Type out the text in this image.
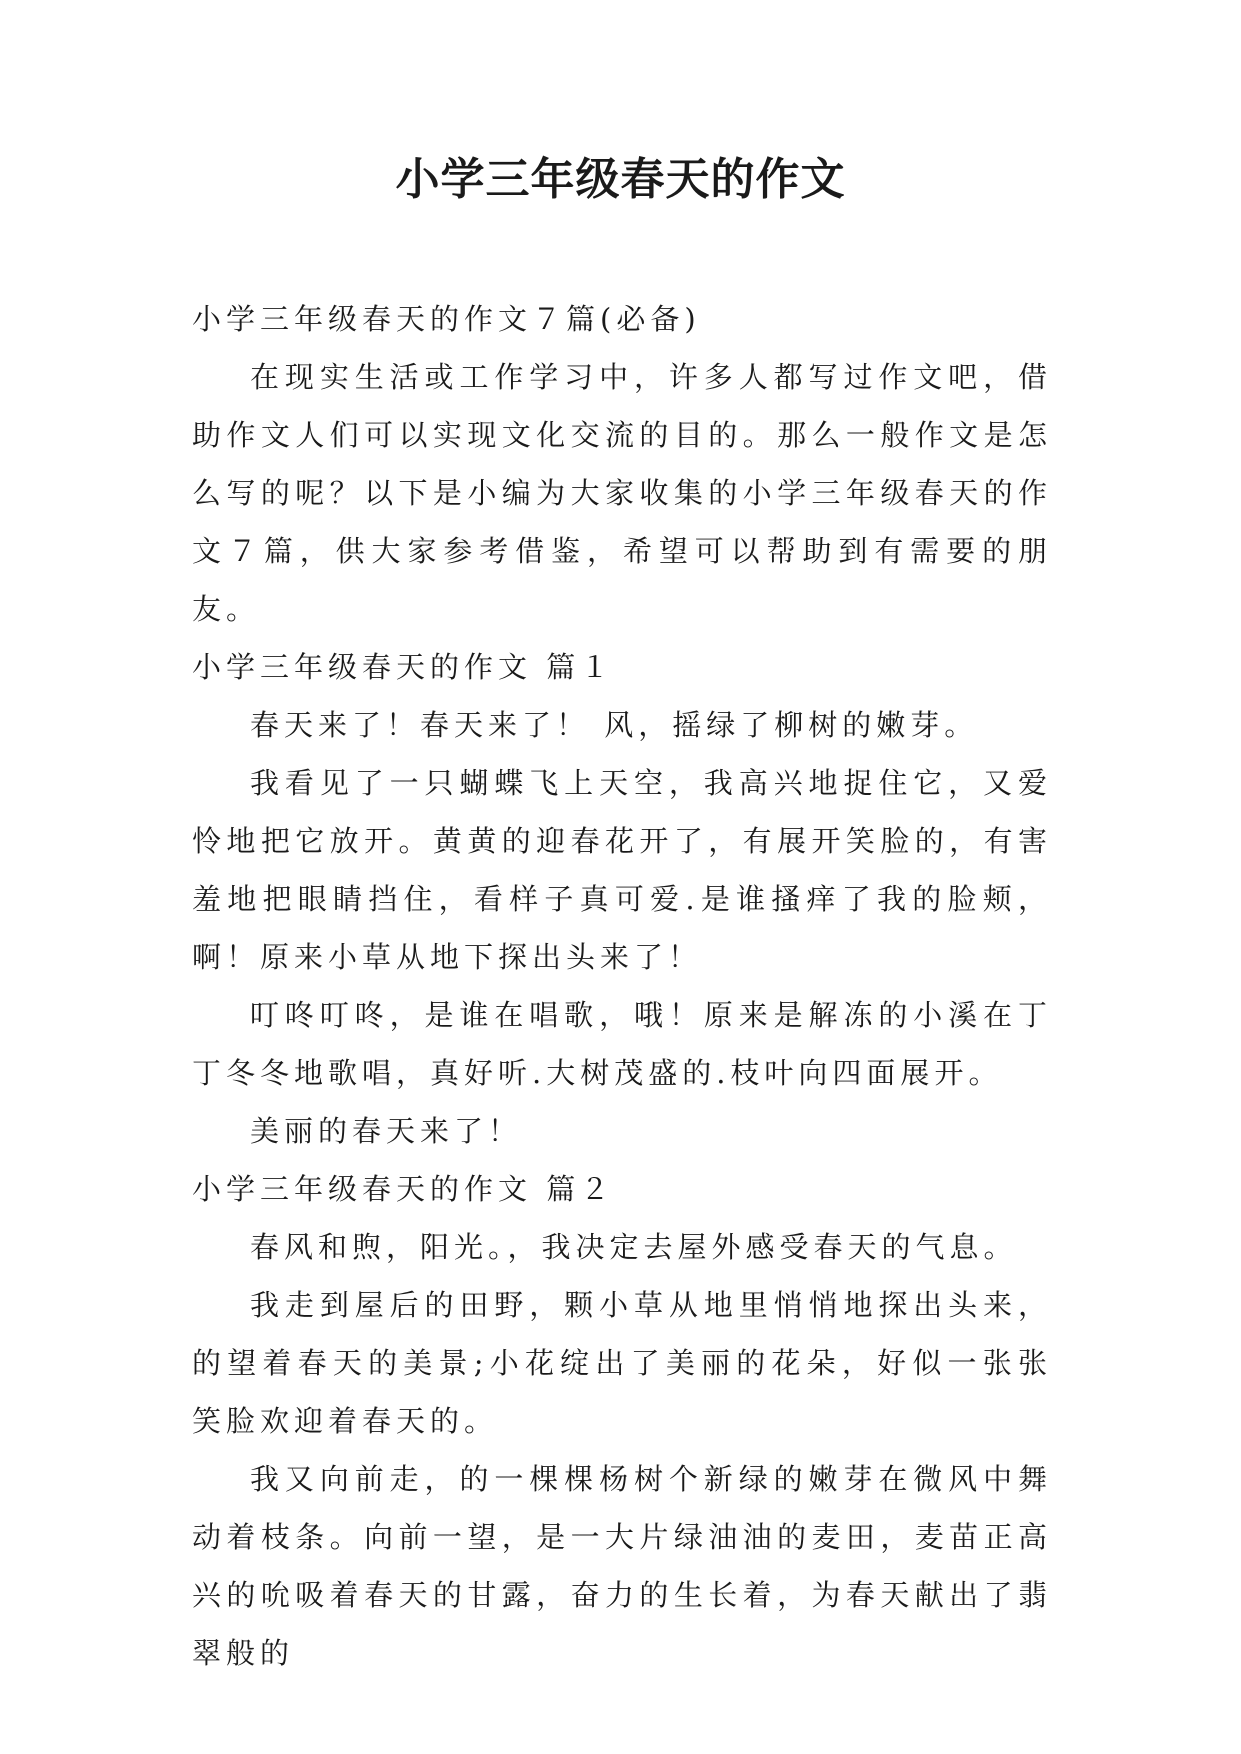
小学三年级春天的作文

小学三年级春天的作文７篇(必备)

在现实生活或工作学习中，许多人都写过作文吧，借助作文人们可以实现文化交流的目的。那么一般作文是怎么写的呢？以下是小编为大家收集的小学三年级春天的作文７篇，供大家参考借鉴，希望可以帮助到有需要的朋友。

小学三年级春天的作文 篇１

春天来了！春天来了！ 风，摇绿了柳树的嫩芽。

我看见了一只蝴蝶飞上天空，我高兴地捉住它，又爱怜地把它放开。黄黄的迎春花开了，有展开笑脸的，有害羞地把眼睛挡住，看样子真可爱.是谁搔痒了我的脸颊，啊！原来小草从地下探出头来了！

叮咚叮咚，是谁在唱歌，哦！原来是解冻的小溪在丁丁冬冬地歌唱，真好听.大树茂盛的.枝叶向四面展开。

美丽的春天来了！

小学三年级春天的作文 篇２

春风和煦，阳光。，我决定去屋外感受春天的气息。

我走到屋后的田野，颗小草从地里悄悄地探出头来，的望着春天的美景;小花绽出了美丽的花朵，好似一张张笑脸欢迎着春天的。

我又向前走，的一棵棵杨树个新绿的嫩芽在微风中舞动着枝条。向前一望，是一大片绿油油的麦田，麦苗正高兴的吮吸着春天的甘露，奋力的生长着，为春天献出了翡翠般的
